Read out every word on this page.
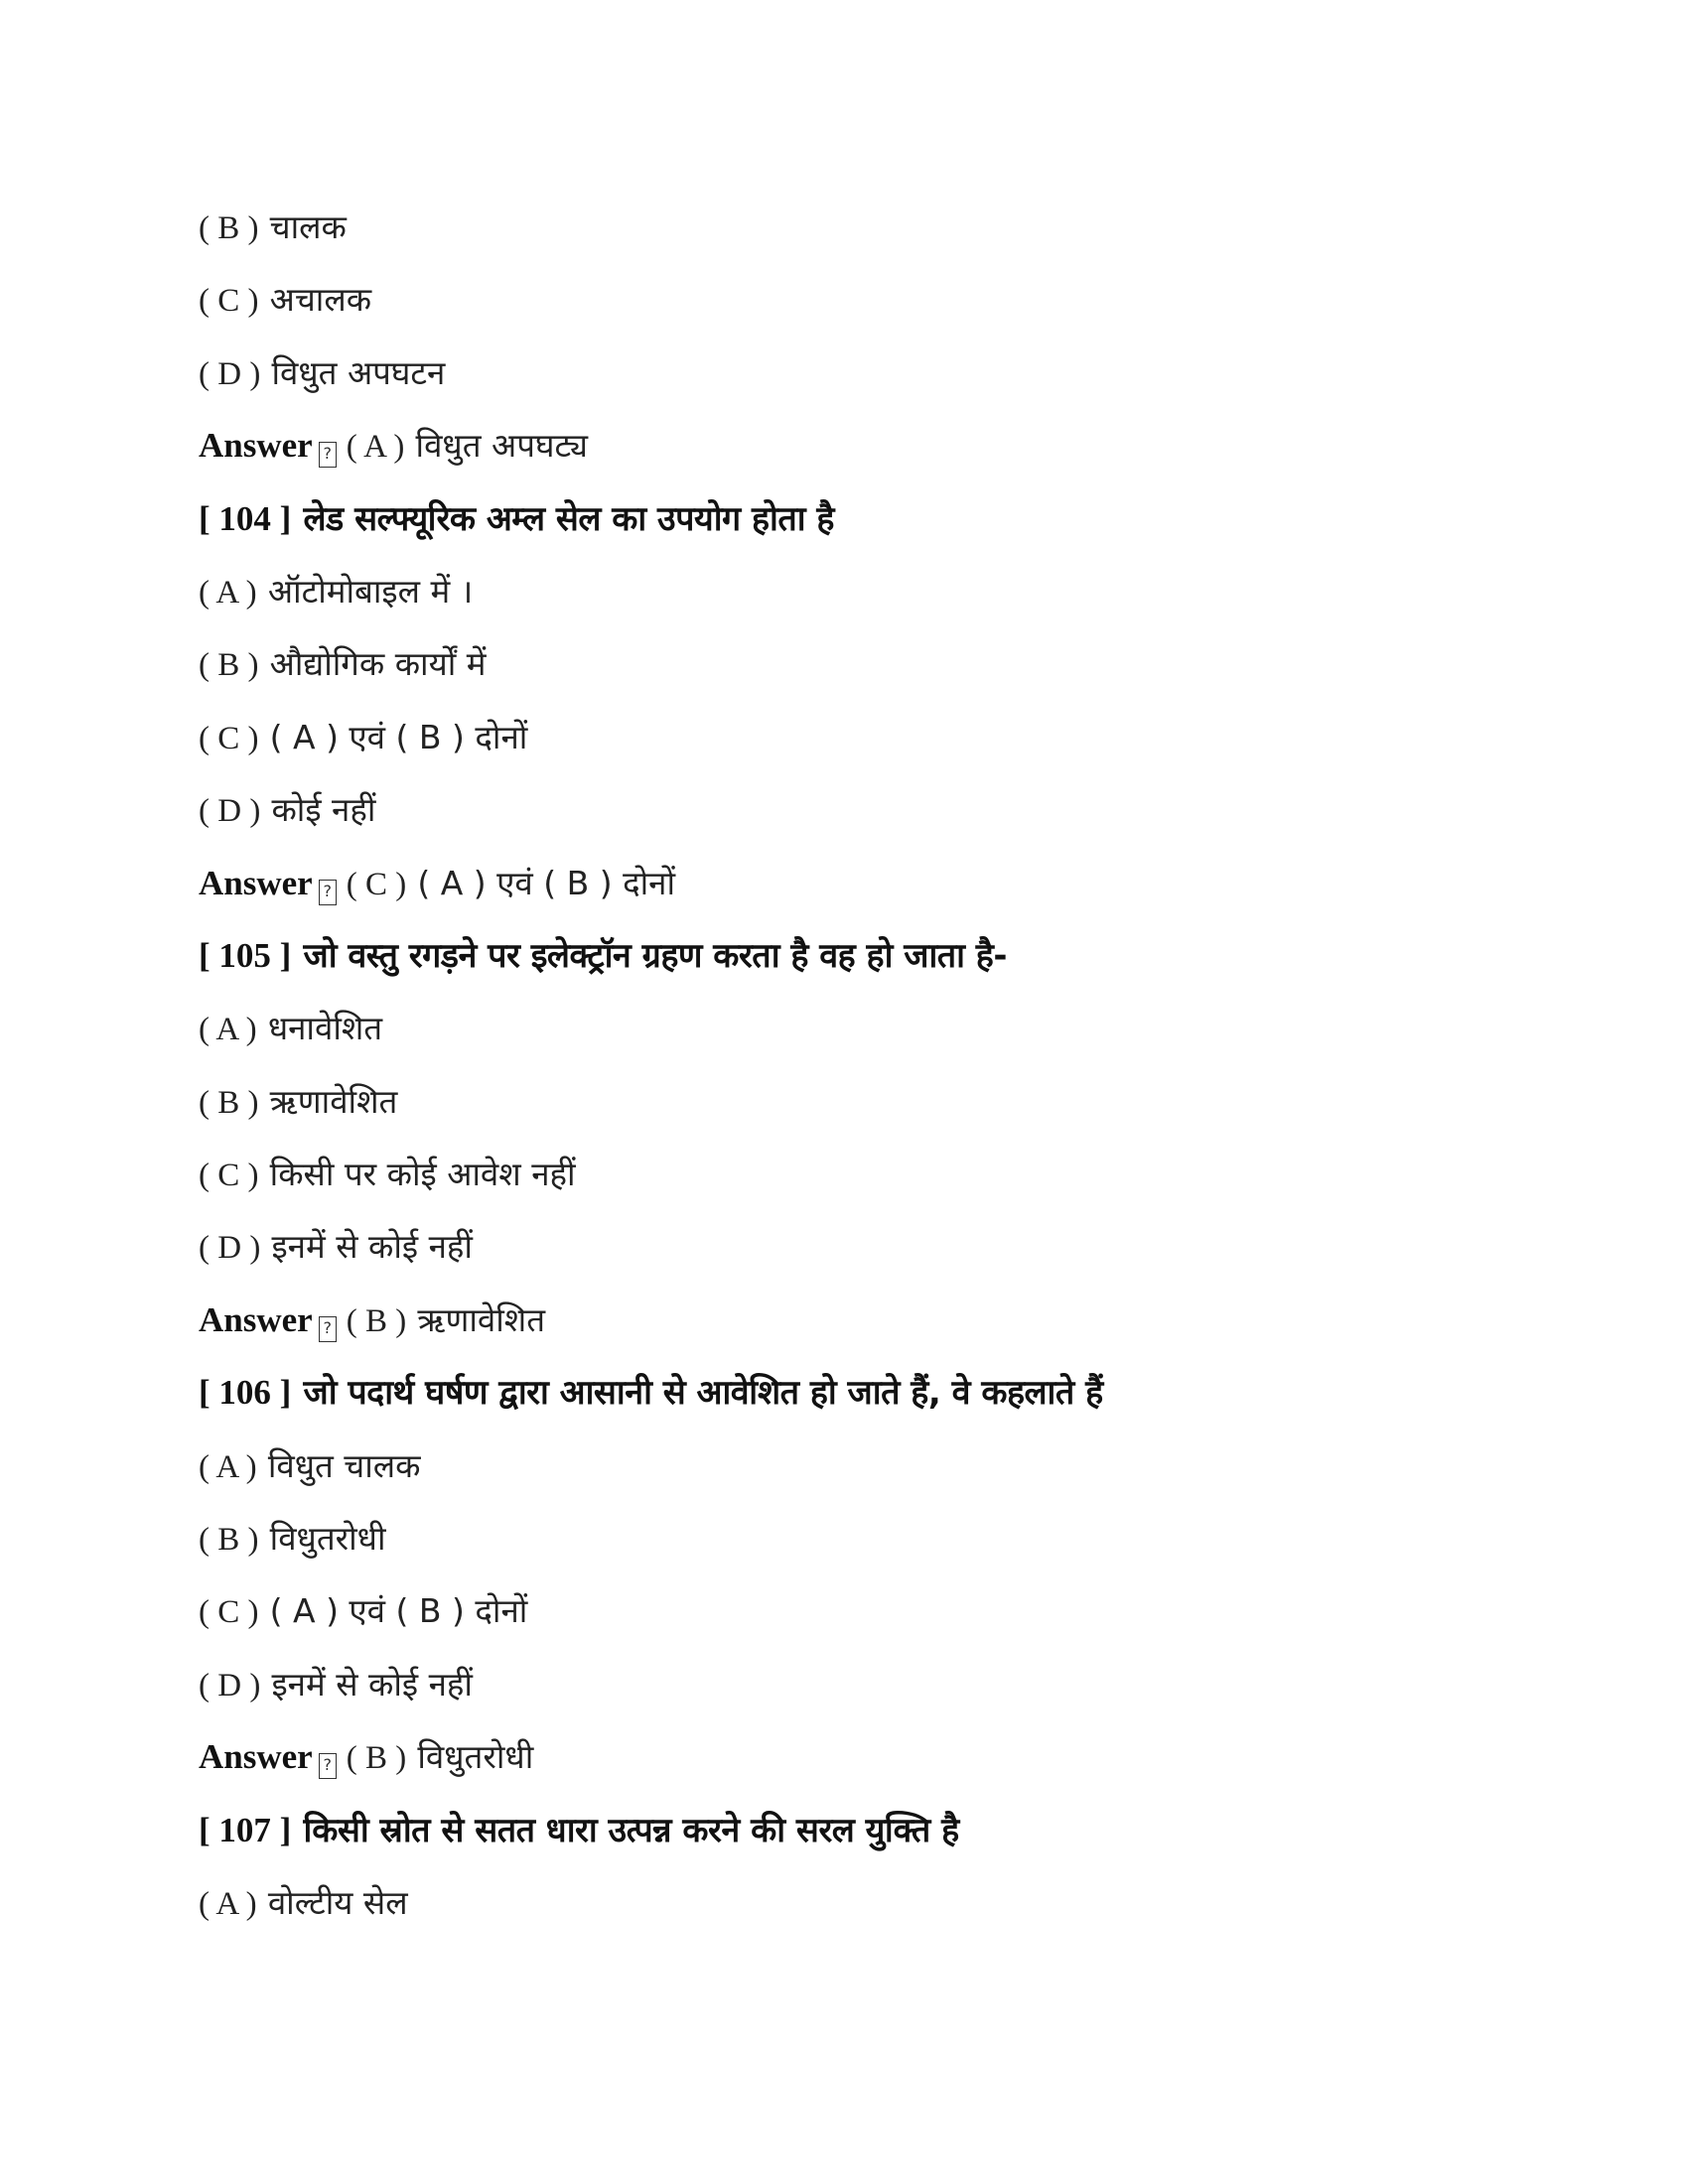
( B ) चालक
( C ) अचालक
( D ) विधुत अपघटन
Answer ? ( A ) विधुत अपघट्य
[ 104 ] लेड सल्फ्यूरिक अम्ल सेल का उपयोग होता है
( A ) ऑटोमोबाइल में ।
( B ) औद्योगिक कार्यों में
( C ) ( A ) एवं ( B ) दोनों
( D ) कोई नहीं
Answer ? ( C ) ( A ) एवं ( B ) दोनों
[ 105 ] जो वस्तु रगड़ने पर इलेक्ट्रॉन ग्रहण करता है वह हो जाता है-
( A ) धनावेशित
( B ) ऋणावेशित
( C ) किसी पर कोई आवेश नहीं
( D ) इनमें से कोई नहीं
Answer ? ( B ) ऋणावेशित
[ 106 ] जो पदार्थ घर्षण द्वारा आसानी से आवेशित हो जाते हैं, वे कहलाते हैं
( A ) विधुत चालक
( B ) विधुतरोधी
( C ) ( A ) एवं ( B ) दोनों
( D ) इनमें से कोई नहीं
Answer ? ( B ) विधुतरोधी
[ 107 ] किसी स्रोत से सतत धारा उत्पन्न करने की सरल युक्ति है
( A ) वोल्टीय सेल
